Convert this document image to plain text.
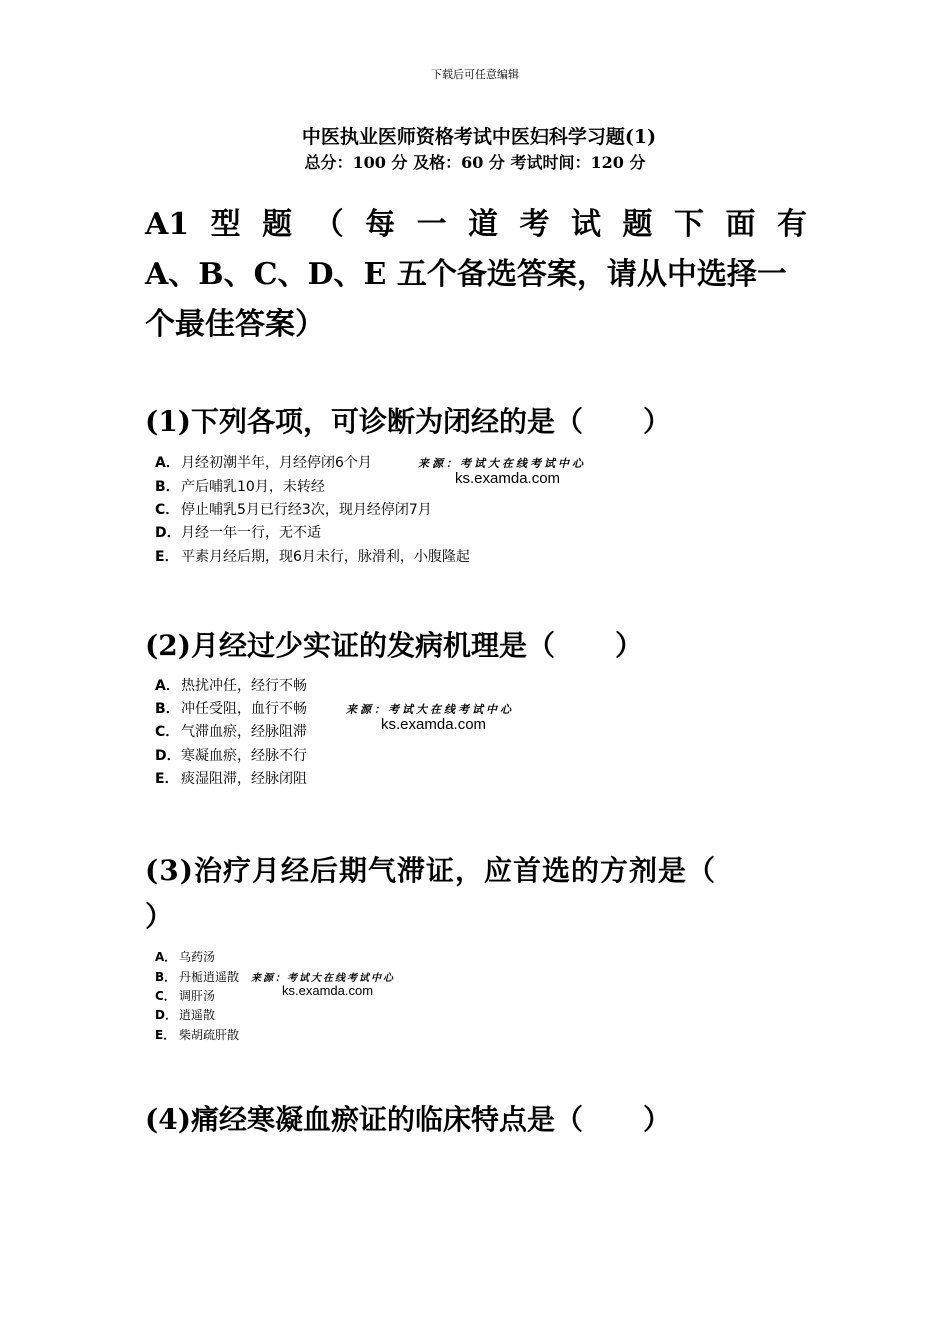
下载后可任意编辑
中医执业医师资格考试中医妇科学习题(1)
总分：100 分 及格：60 分 考试时间：120 分
A1 型 题 （ 每 一 道 考 试 题 下 面 有
A、B、C、D、E 五个备选答案，请从中选择一
个最佳答案）
(1)下列各项，可诊断为闭经的是（ ）
A．月经初潮半年，月经停闭6个月
B．产后哺乳10月，未转经
C． 停止哺乳5月已行经3次，现月经停闭7月
D．月经一年一行，无不适
E． 平素月经后期，现6月未行，脉滑利，小腹隆起
来源：考试大在线考试中心
ks.examda.com
(2)月经过少实证的发病机理是（ ）
A．热扰冲任，经行不畅
B．冲任受阻，血行不畅
C． 气滞血瘀，经脉阻滞
D．寒凝血瘀，经脉不行
E． 痰湿阻滞，经脉闭阻
来源：考试大在线考试中心
ks.examda.com
(3)治疗月经后期气滞证，应首选的方剂是（
）
A． 乌药汤
B． 丹栀逍遥散
C． 调肝汤
D． 逍遥散
E． 柴胡疏肝散
来源：考试大在线考试中心
ks.examda.com
(4)痛经寒凝血瘀证的临床特点是（ ）
